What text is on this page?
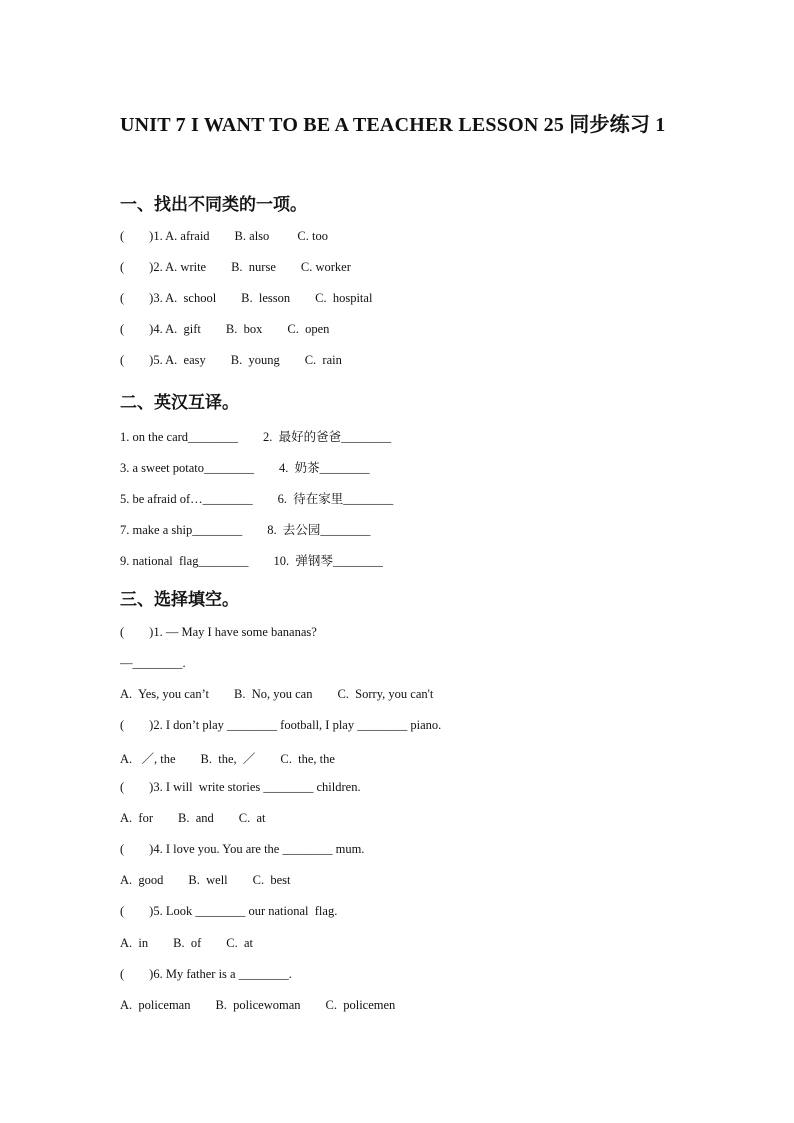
UNIT 7 I WANT TO BE A TEACHER LESSON 25 同步练习 1
一、找出不同类的一项。
(        )1. A. afraid        B. also         C. too
(        )2. A. write        B.  nurse        C. worker
(        )3. A.  school        B.  lesson        C.  hospital
(        )4. A.  gift        B.  box        C.  open
(        )5. A.  easy        B.  young        C.  rain
二、英汉互译。
1. on the card________        2.  最好的爸爸________
3. a sweet potato________        4.  奶茶________
5. be afraid of…________        6.  待在家里________
7. make a ship________        8.  去公园________
9. national  flag________        10.  弹钢琴________
三、选择填空。
(        )1. — May I have some bananas?
—________.
A.  Yes, you can’t        B.  No, you can        C.  Sorry, you can't
(        )2. I don’t play ________ football, I play ________ piano.
A.   ／, the        B.  the,  ／        C.  the, the
(        )3. I will  write stories ________ children.
A.  for        B.  and        C.  at
(        )4. I love you. You are the ________ mum.
A.  good        B.  well        C.  best
(        )5. Look ________ our national  flag.
A.  in        B.  of        C.  at
(        )6. My father is a ________.
A.  policeman        B.  policewoman        C.  policemen
